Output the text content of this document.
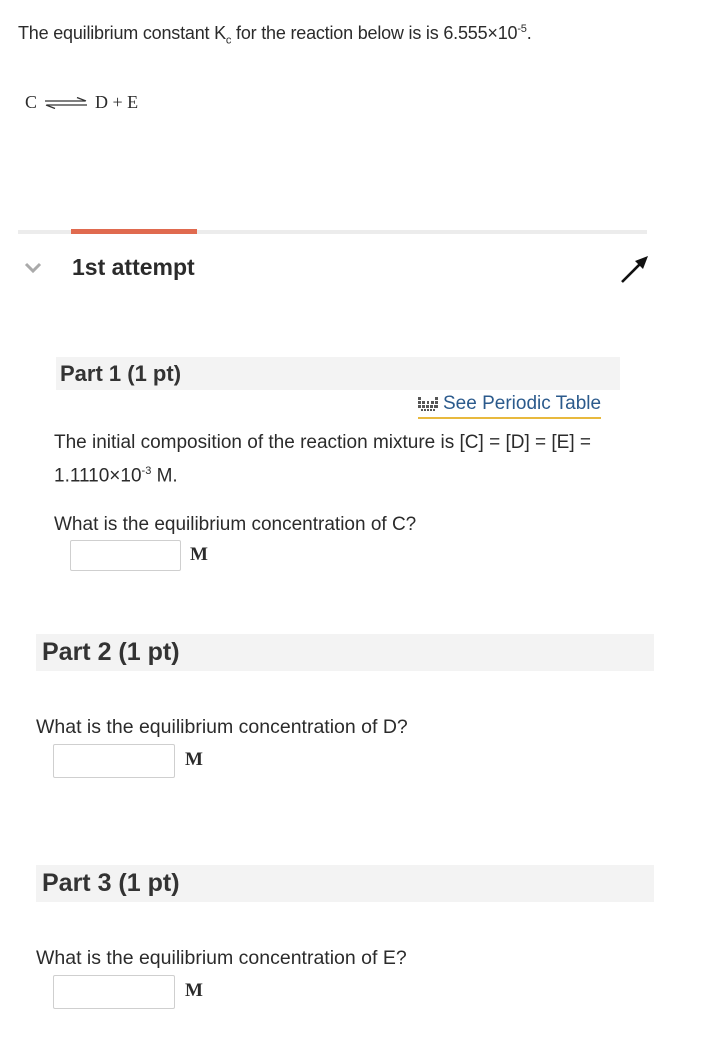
The equilibrium constant $K_c$ for the reaction below is is $6.555\times 10^{-5}$.
C ⇌ D + E
1st attempt
Part 1 (1 pt)
See Periodic Table
The initial composition of the reaction mixture is [C] = [D] = [E] =
$1.1110\times 10^{-3}$ M.
What is the equilibrium concentration of C?
M
Part 2 (1 pt)
What is the equilibrium concentration of D?
M
Part 3 (1 pt)
What is the equilibrium concentration of E?
M
